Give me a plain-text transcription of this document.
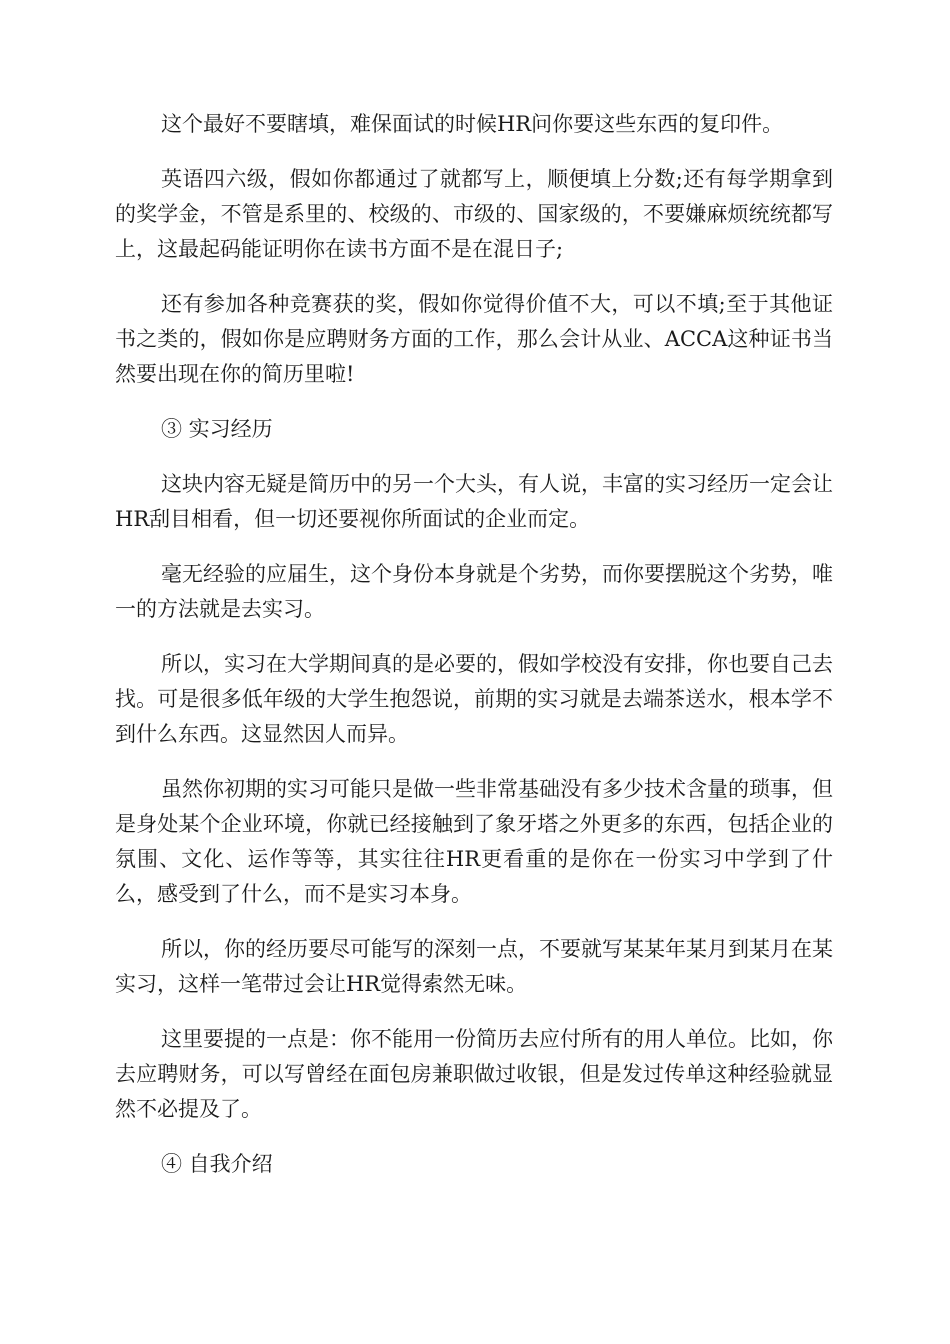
这个最好不要瞎填，难保面试的时候HR问你要这些东西的复印件。

英语四六级，假如你都通过了就都写上，顺便填上分数;还有每学期拿到的奖学金，不管是系里的、校级的、市级的、国家级的，不要嫌麻烦统统都写上，这最起码能证明你在读书方面不是在混日子;

还有参加各种竞赛获的奖，假如你觉得价值不大，可以不填;至于其他证书之类的，假如你是应聘财务方面的工作，那么会计从业、ACCA这种证书当然要出现在你的简历里啦!

③ 实习经历

这块内容无疑是简历中的另一个大头，有人说，丰富的实习经历一定会让HR刮目相看，但一切还要视你所面试的企业而定。

毫无经验的应届生，这个身份本身就是个劣势，而你要摆脱这个劣势，唯一的方法就是去实习。

所以，实习在大学期间真的是必要的，假如学校没有安排，你也要自己去找。可是很多低年级的大学生抱怨说，前期的实习就是去端茶送水，根本学不到什么东西。这显然因人而异。

虽然你初期的实习可能只是做一些非常基础没有多少技术含量的琐事，但是身处某个企业环境，你就已经接触到了象牙塔之外更多的东西，包括企业的氛围、文化、运作等等，其实往往HR更看重的是你在一份实习中学到了什么，感受到了什么，而不是实习本身。

所以，你的经历要尽可能写的深刻一点，不要就写某某年某月到某月在某实习，这样一笔带过会让HR觉得索然无味。

这里要提的一点是：你不能用一份简历去应付所有的用人单位。比如，你去应聘财务，可以写曾经在面包房兼职做过收银，但是发过传单这种经验就显然不必提及了。

④ 自我介绍
